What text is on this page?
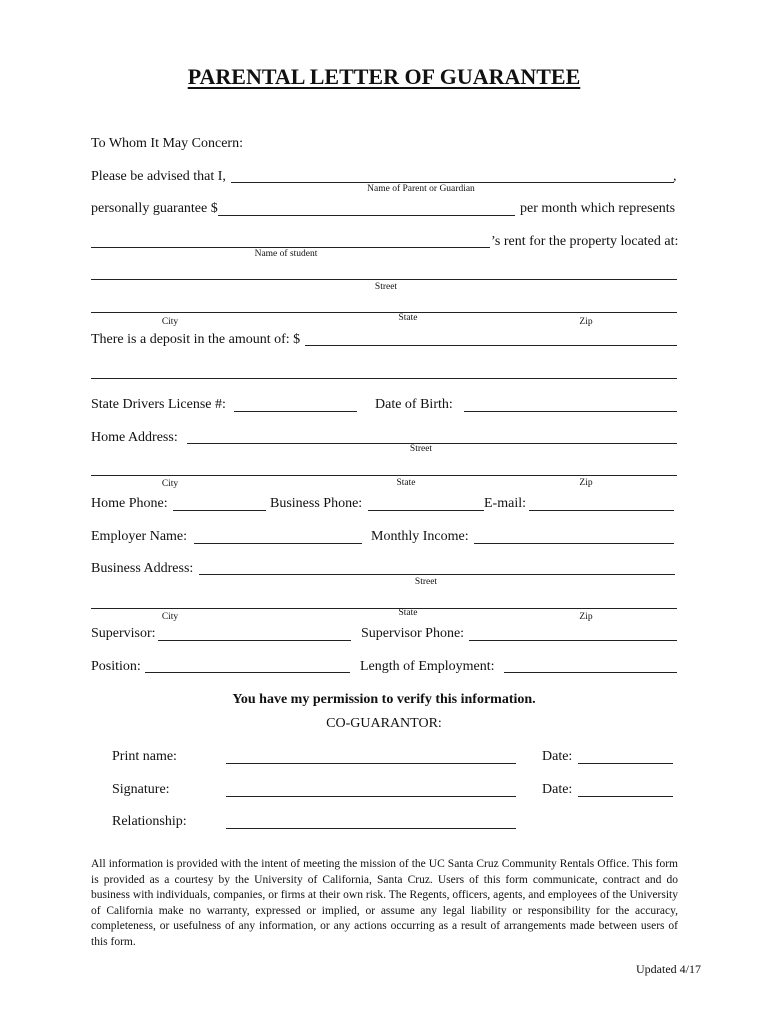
PARENTAL LETTER OF GUARANTEE
To Whom It May Concern:
Please be advised that I,	,
Name of Parent or Guardian
personally guarantee $	per month which represents
’s rent for the property located at:
Name of student
Street
City	State	Zip
There is a deposit in the amount of: $
State Drivers License #:	Date of Birth:
Home Address:
Street
City	State	Zip
Home Phone:	Business Phone:	E-mail:
Employer Name:	Monthly Income:
Business Address:
Street
City	State	Zip
Supervisor:	Supervisor Phone:
Position:	Length of Employment:
You have my permission to verify this information.
CO-GUARANTOR:
Print name:	Date:
Signature:	Date:
Relationship:
All information is provided with the intent of meeting the mission of the UC Santa Cruz Community Rentals Office. This form is provided as a courtesy by the University of California, Santa Cruz. Users of this form communicate, contract and do business with individuals, companies, or firms at their own risk. The Regents, officers, agents, and employees of the University of California make no warranty, expressed or implied, or assume any legal liability or responsibility for the accuracy, completeness, or usefulness of any information, or any actions occurring as a result of arrangements made between users of this form.
Updated 4/17
